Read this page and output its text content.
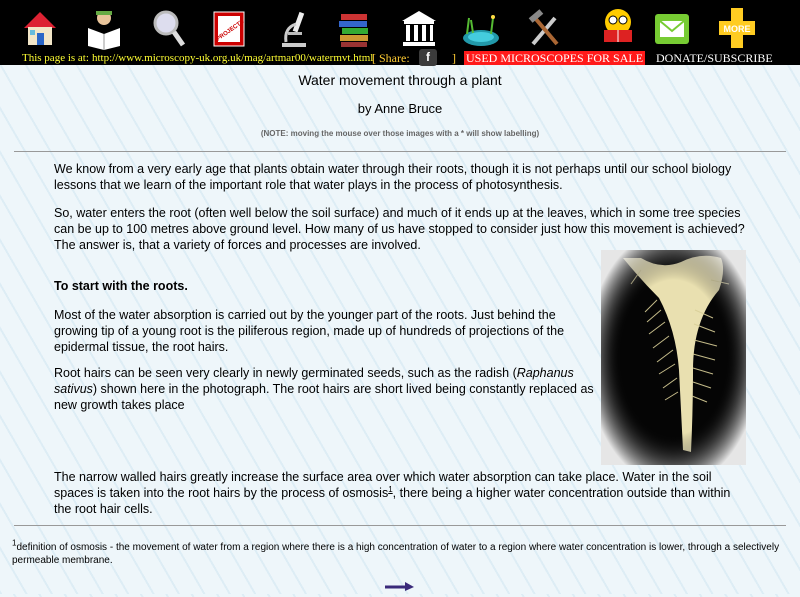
PROJECTS	MORE
This page is at: http://www.microscopy-uk.org.uk/mag/artmar00/watermvt.html
[ Share:	f	] USED MICROSCOPES FOR SALE DONATE/SUBSCRIBE
Water movement through a plant
by Anne Bruce
(NOTE: moving the mouse over those images with a * will show labelling)
We know from a very early age that plants obtain water through their roots, though it is not perhaps until our school biology lessons that we learn of the important role that water plays in the process of photosynthesis.
So, water enters the root (often well below the soil surface) and much of it ends up at the leaves, which in some tree species can be up to 100 metres above ground level. How many of us have stopped to consider just how this movement is achieved? The answer is, that a variety of forces and processes are involved.
To start with the roots.
Most of the water absorption is carried out by the younger part of the roots. Just behind the growing tip of a young root is the piliferous region, made up of hundreds of projections of the epidermal tissue, the root hairs.
Root hairs can be seen very clearly in newly germinated seeds, such as the radish (Raphanus sativus) shown here in the photograph. The root hairs are short lived being constantly replaced as new growth takes place
The narrow walled hairs greatly increase the surface area over which water absorption can take place. Water in the soil spaces is taken into the root hairs by the process of osmosis$^1$, there being a higher water concentration outside than within the root hair cells.
$^1$definition of osmosis - the movement of water from a region where there is a high concentration of water to a region where water concentration is lower, through a selectively permeable membrane.
